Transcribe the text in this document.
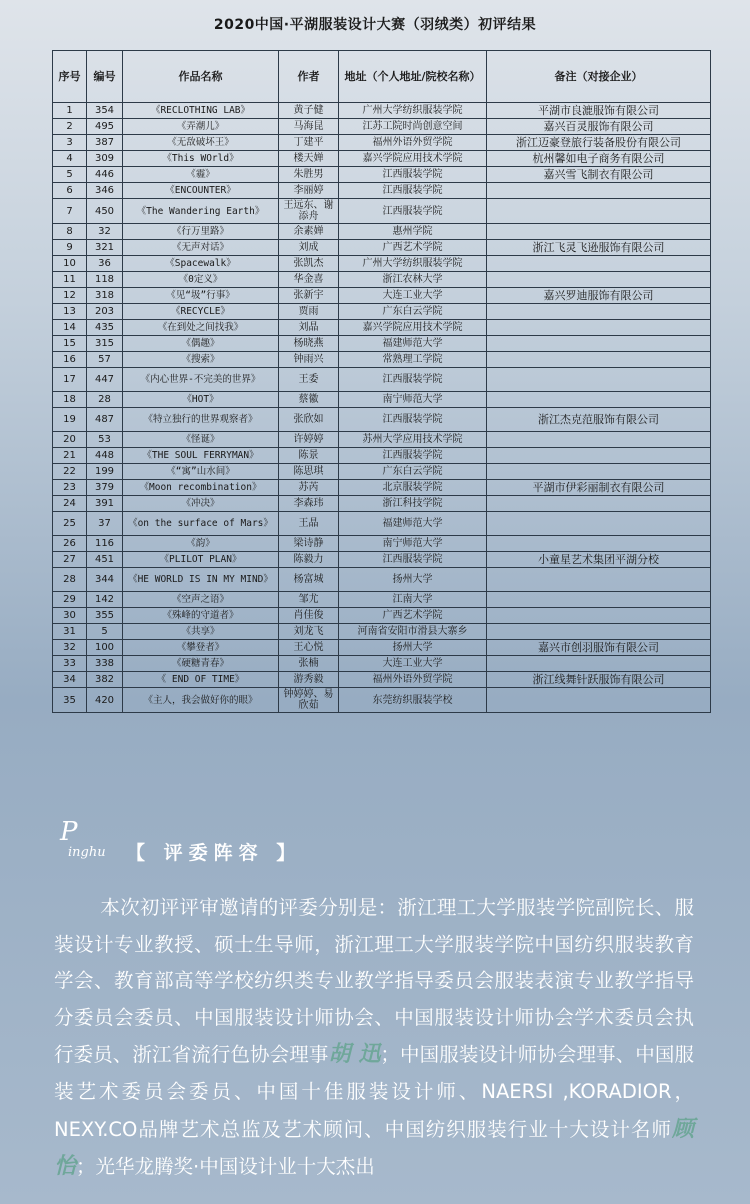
2020中国·平湖服装设计大赛（羽绒类）初评结果
序号	编号	作品名称	作者	地址（个人地址/院校名称）	备注（对接企业）
1	354	《RECLOTHING LAB》	黄子健	广州大学纺织服装学院	平湖市良漉服饰有限公司
2	495	《弄潮儿》	马海昆	江苏工院时尚创意空间	嘉兴百灵服饰有限公司
3	387	《无敌破坏王》	丁建平	福州外语外贸学院	浙江迈豪登旅行装备股份有限公司
4	309	《This WOrld》	楼天婵	嘉兴学院应用技术学院	杭州馨如电子商务有限公司
5	446	《霾》	朱胜男	江西服装学院	嘉兴雪飞制衣有限公司
6	346	《ENCOUNTER》	李丽婷	江西服装学院	
7	450	《The Wandering Earth》	王远东、谢添舟	江西服装学院	
8	32	《行万里路》	余素婵	惠州学院	
9	321	《无声对话》	刘成	广西艺术学院	浙江飞灵飞逊服饰有限公司
10	36	《Spacewalk》	张凯杰	广州大学纺织服装学院	
11	118	《0定义》	华金喜	浙江农林大学	
12	318	《见“圾”行事》	张新宇	大连工业大学	嘉兴罗迪服饰有限公司
13	203	《RECYCLE》	贾雨	广东白云学院	
14	435	《在到处之间找我》	刘晶	嘉兴学院应用技术学院	
15	315	《偶趣》	杨晓燕	福建师范大学	
16	57	《搜索》	钟雨兴	常熟理工学院	
17	447	《内心世界-不完美的世界》	王委	江西服装学院	
18	28	《HOT》	蔡徽	南宁师范大学	
19	487	《特立独行的世界观察者》	张欣如	江西服装学院	浙江杰克范服饰有限公司
20	53	《怪诞》	许婷婷	苏州大学应用技术学院	
21	448	《THE SOUL FERRYMAN》	陈景	江西服装学院	
22	199	《“寓”山水间》	陈思琪	广东白云学院	
23	379	《Moon recombination》	苏芮	北京服装学院	平湖市伊彩丽制衣有限公司
24	391	《冲决》	李森玮	浙江科技学院	
25	37	《on the surface of Mars》	王晶	福建师范大学	
26	116	《韵》	梁诗静	南宁师范大学	
27	451	《PLILOT PLAN》	陈毅力	江西服装学院	小童星艺术集团平湖分校
28	344	《HE WORLD IS IN MY MIND》	杨富城	扬州大学	
29	142	《空声之语》	邹尤	江南大学	
30	355	《殊峰的守道者》	肖佳俊	广西艺术学院	
31	5	《共享》	刘龙飞	河南省安阳市滑县大寨乡	
32	100	《攀登者》	王心悦	扬州大学	嘉兴市创羽服饰有限公司
33	338	《硬糖青春》	张楠	大连工业大学	
34	382	《 END OF TIME》	游秀毅	福州外语外贸学院	浙江线舞针跃服饰有限公司
35	420	《主人，我会做好你的眼》	钟婷婷、易欣茹	东莞纺织服装学校	
P
inghu 【 评委阵容 】
本次初评评审邀请的评委分别是：浙江理工大学服装学院副院长、服装设计专业教授、硕士生导师，浙江理工大学服装学院中国纺织服装教育学会、教育部高等学校纺织类专业教学指导委员会服装表演专业教学指导分委员会委员、中国服装设计师协会、中国服装设计师协会学术委员会执行委员、浙江省流行色协会理事胡 迅；中国服装设计师协会理事、中国服装艺术委员会委员、中国十佳服装设计师、NAERSI ,KORADIOR，NEXY.CO品牌艺术总监及艺术顾问、中国纺织服装行业十大设计名师顾 怡；光华龙腾奖·中国设计业十大杰出
